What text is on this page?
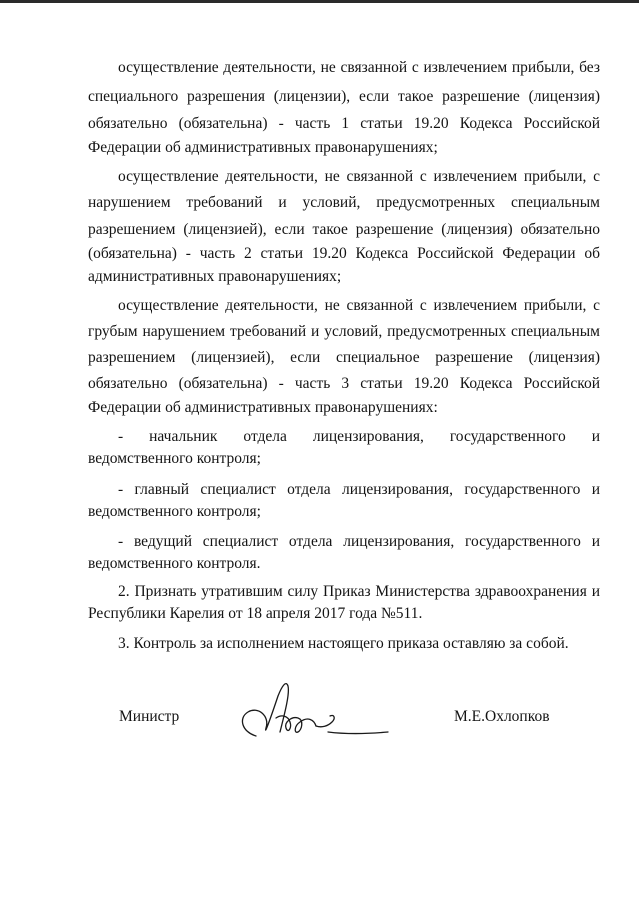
осуществление деятельности, не связанной с извлечением прибыли, без
специального разрешения (лицензии), если такое разрешение (лицензия)
обязательно (обязательна) - часть 1 статьи 19.20 Кодекса Российской
Федерации об административных правонарушениях;
осуществление деятельности, не связанной с извлечением прибыли, с
нарушением требований и условий, предусмотренных специальным
разрешением (лицензией), если такое разрешение (лицензия) обязательно
(обязательна) - часть 2 статьи 19.20 Кодекса Российской Федерации об
административных правонарушениях;
осуществление деятельности, не связанной с извлечением прибыли, с
грубым нарушением требований и условий, предусмотренных специальным
разрешением (лицензией), если специальное разрешение (лицензия)
обязательно (обязательна) - часть 3 статьи 19.20 Кодекса Российской
Федерации об административных правонарушениях:
- начальник отдела лицензирования, государственного и
ведомственного контроля;
- главный специалист отдела лицензирования, государственного и
ведомственного контроля;
- ведущий специалист отдела лицензирования, государственного и
ведомственного контроля.
2. Признать утратившим силу Приказ Министерства здравоохранения и
Республики Карелия от 18 апреля 2017 года №511.
3. Контроль за исполнением настоящего приказа оставляю за собой.
Министр	М.Е.Охлопков
